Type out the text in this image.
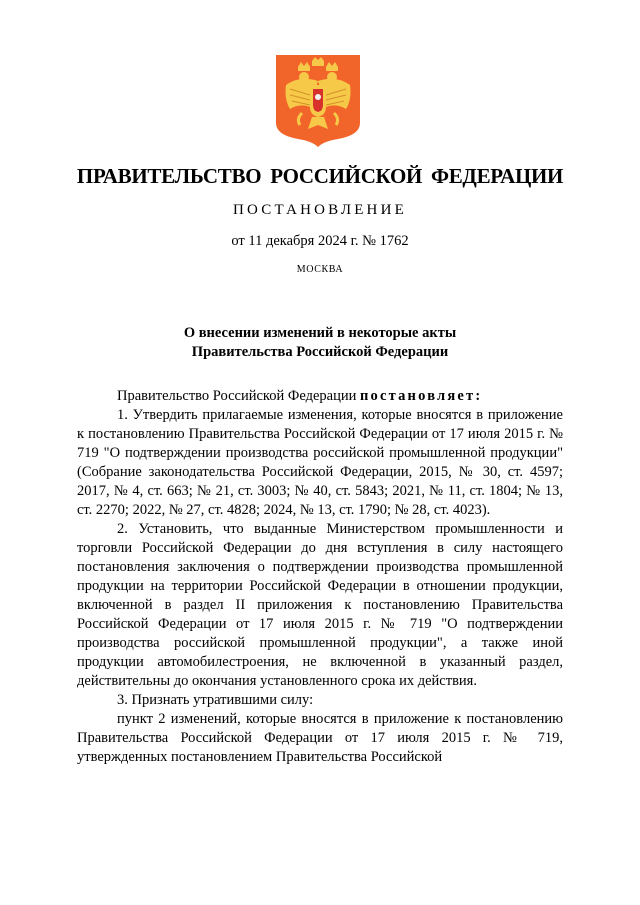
ПРАВИТЕЛЬСТВО РОССИЙСКОЙ ФЕДЕРАЦИИ
ПОСТАНОВЛЕНИЕ
от 11 декабря 2024 г. № 1762
МОСКВА
О внесении изменений в некоторые акты
Правительства Российской Федерации

Правительство Российской Федерации постановляет:

1. Утвердить прилагаемые изменения, которые вносятся в приложение к постановлению Правительства Российской Федерации от 17 июля 2015 г. № 719 "О подтверждении производства российской промышленной продукции" (Собрание законодательства Российской Федерации, 2015, № 30, ст. 4597; 2017, № 4, ст. 663; № 21, ст. 3003; № 40, ст. 5843; 2021, № 11, ст. 1804; № 13, ст. 2270; 2022, № 27, ст. 4828; 2024, № 13, ст. 1790; № 28, ст. 4023).

2. Установить, что выданные Министерством промышленности и торговли Российской Федерации до дня вступления в силу настоящего постановления заключения о подтверждении производства промышленной продукции на территории Российской Федерации в отношении продукции, включенной в раздел II приложения к постановлению Правительства Российской Федерации от 17 июля 2015 г. № 719 "О подтверждении производства российской промышленной продукции", а также иной продукции автомобилестроения, не включенной в указанный раздел, действительны до окончания установленного срока их действия.

3. Признать утратившими силу:

пункт 2 изменений, которые вносятся в приложение к постановлению Правительства Российской Федерации от 17 июля 2015 г. № 719, утвержденных постановлением Правительства Российской
